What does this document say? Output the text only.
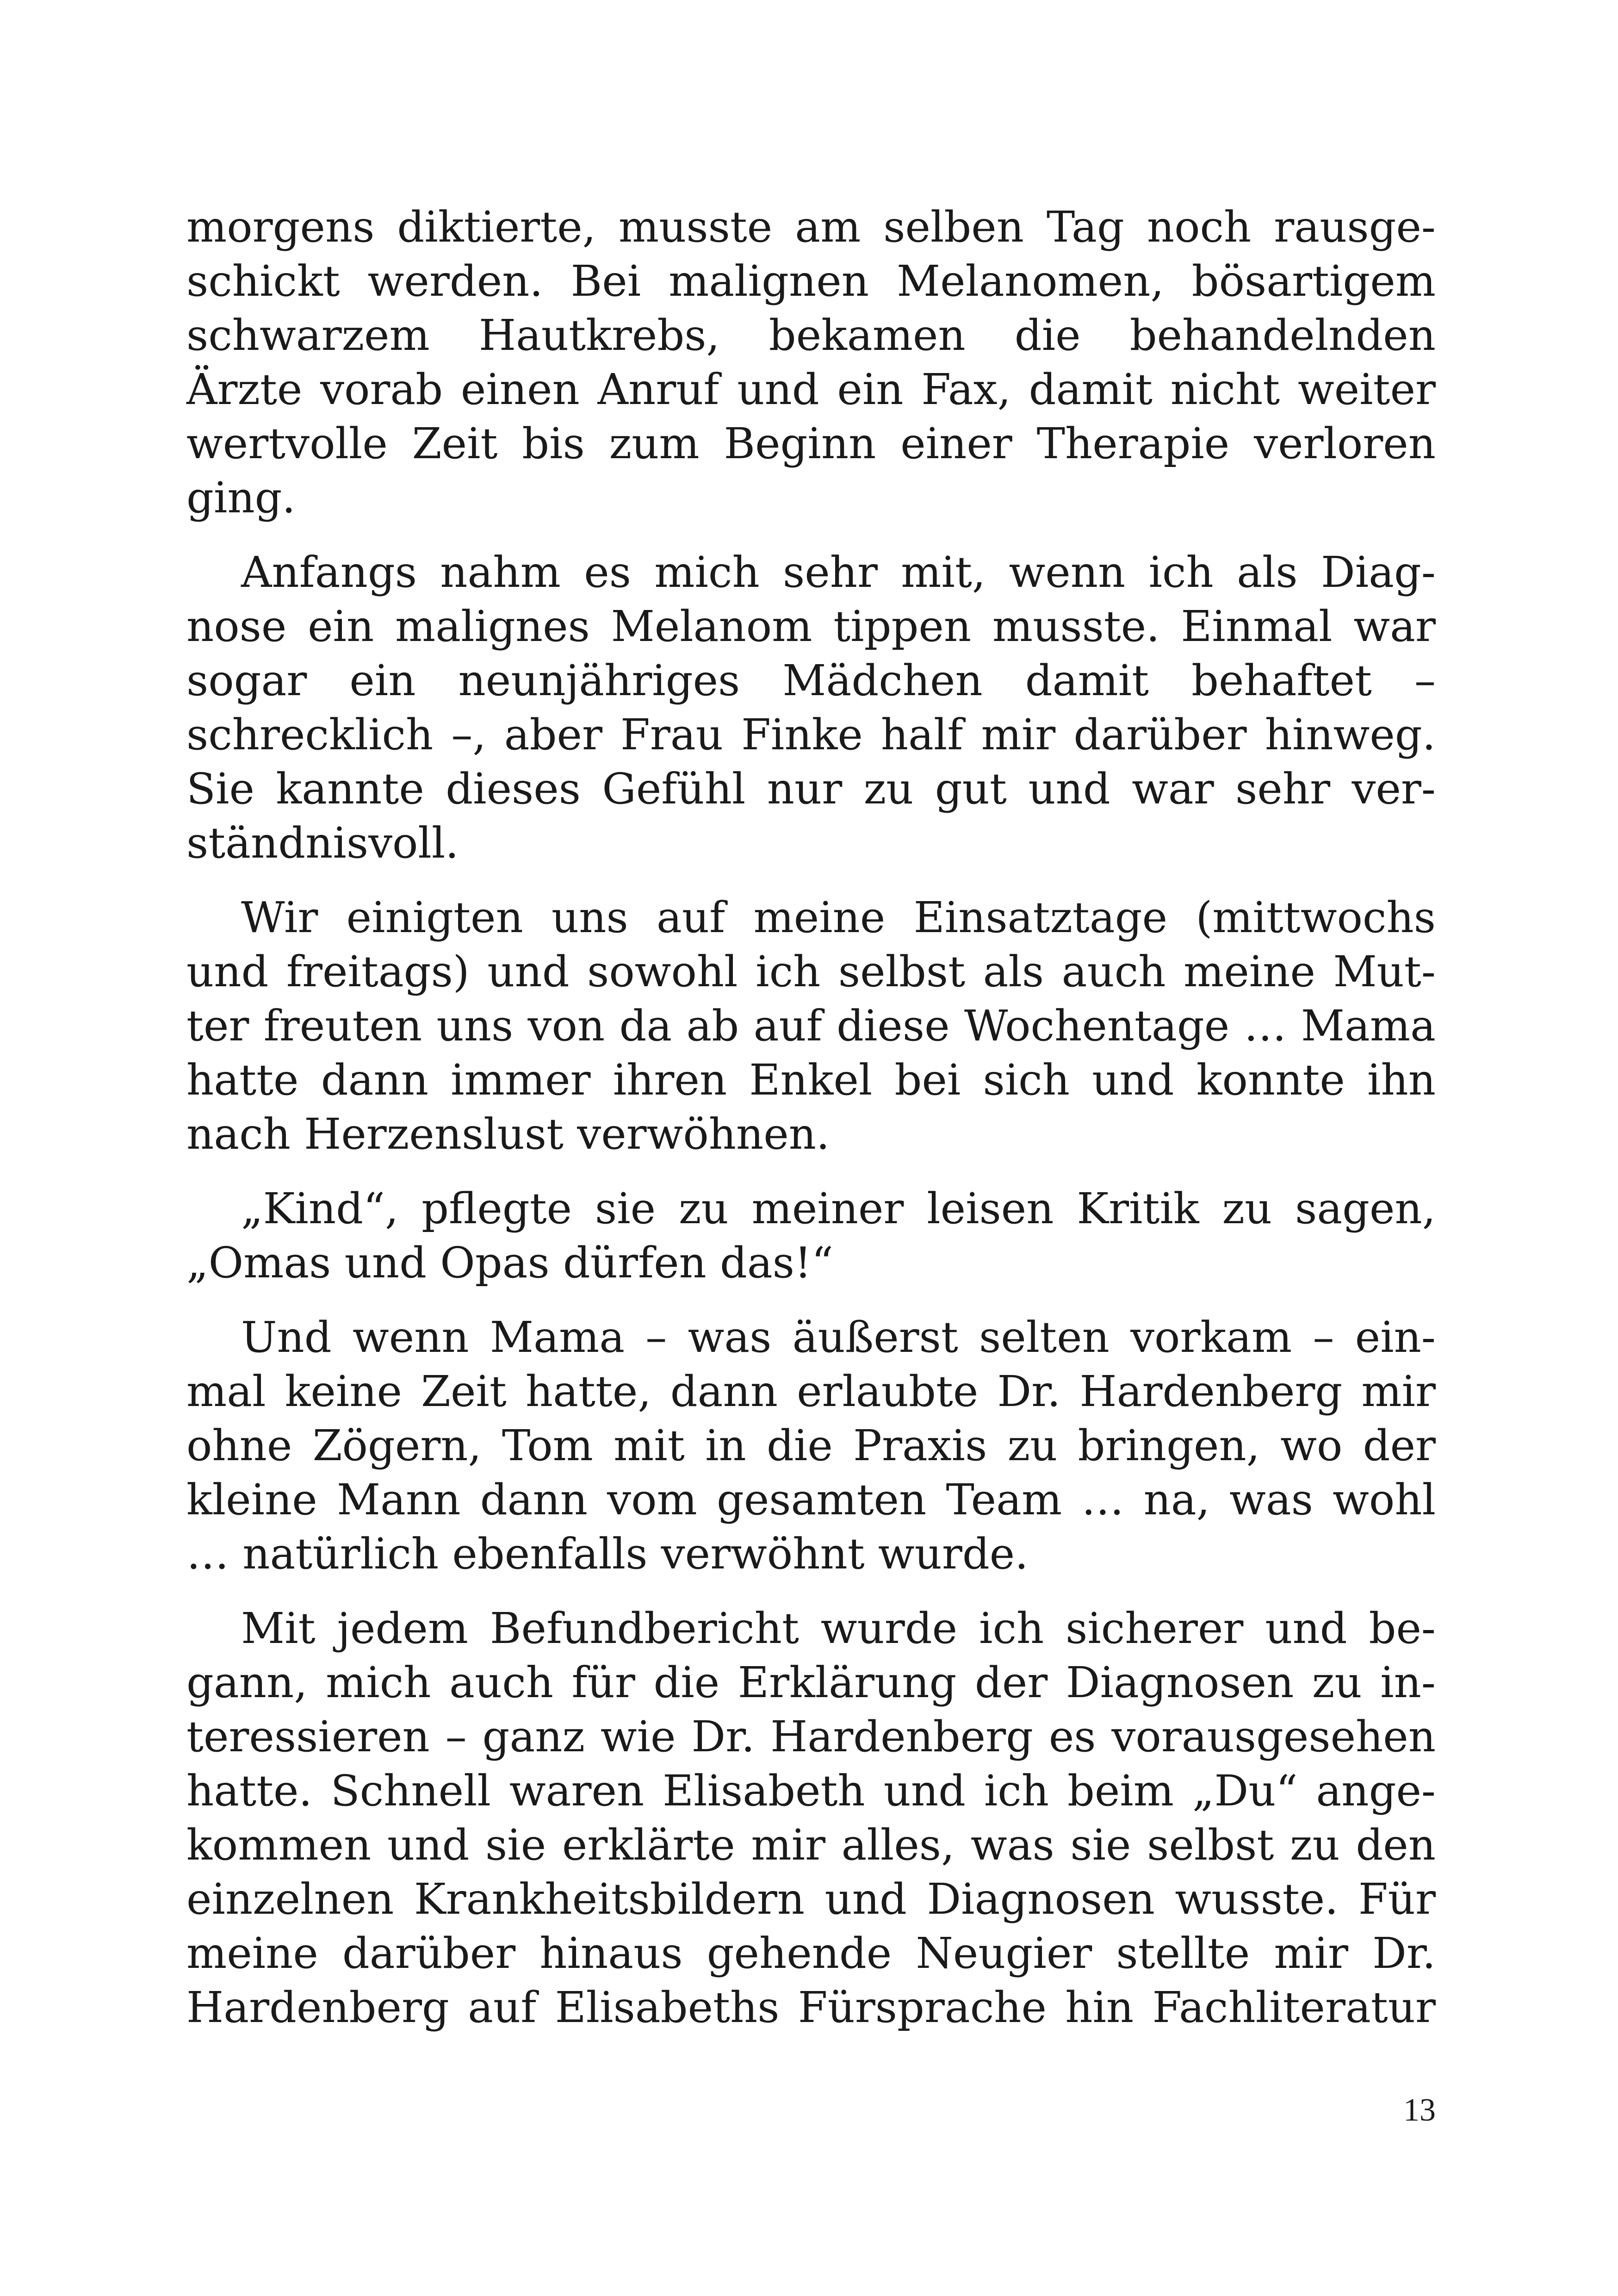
morgens diktierte, musste am selben Tag noch rausge-
schickt werden. Bei malignen Melanomen, bösartigem
schwarzem Hautkrebs, bekamen die behandelnden
Ärzte vorab einen Anruf und ein Fax, damit nicht weiter
wertvolle Zeit bis zum Beginn einer Therapie verloren
ging.
Anfangs nahm es mich sehr mit, wenn ich als Diag-
nose ein malignes Melanom tippen musste. Einmal war
sogar ein neunjähriges Mädchen damit behaftet –
schrecklich –, aber Frau Finke half mir darüber hinweg.
Sie kannte dieses Gefühl nur zu gut und war sehr ver-
ständnisvoll.
Wir einigten uns auf meine Einsatztage (mittwochs
und freitags) und sowohl ich selbst als auch meine Mut-
ter freuten uns von da ab auf diese Wochentage … Mama
hatte dann immer ihren Enkel bei sich und konnte ihn
nach Herzenslust verwöhnen.
„Kind“, pflegte sie zu meiner leisen Kritik zu sagen,
„Omas und Opas dürfen das!“
Und wenn Mama – was äußerst selten vorkam – ein-
mal keine Zeit hatte, dann erlaubte Dr. Hardenberg mir
ohne Zögern, Tom mit in die Praxis zu bringen, wo der
kleine Mann dann vom gesamten Team … na, was wohl
… natürlich ebenfalls verwöhnt wurde.
Mit jedem Befundbericht wurde ich sicherer und be-
gann, mich auch für die Erklärung der Diagnosen zu in-
teressieren – ganz wie Dr. Hardenberg es vorausgesehen
hatte. Schnell waren Elisabeth und ich beim „Du“ ange-
kommen und sie erklärte mir alles, was sie selbst zu den
einzelnen Krankheitsbildern und Diagnosen wusste. Für
meine darüber hinaus gehende Neugier stellte mir Dr.
Hardenberg auf Elisabeths Fürsprache hin Fachliteratur
13
